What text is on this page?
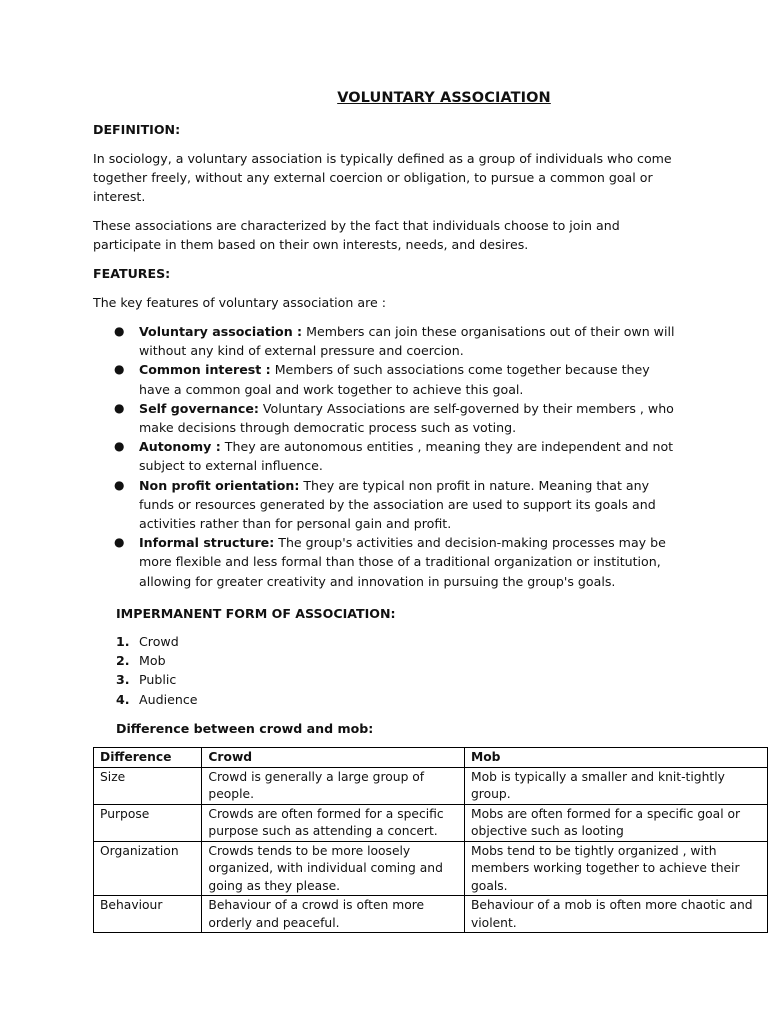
VOLUNTARY ASSOCIATION
DEFINITION:
In sociology, a voluntary association is typically defined as a group of individuals who come together freely, without any external coercion or obligation, to pursue a common goal or interest.
These associations are characterized by the fact that individuals choose to join and participate in them based on their own interests, needs, and desires.
FEATURES:
The key features of voluntary association are :
● Voluntary association : Members can join these organisations out of their own will without any kind of external pressure and coercion.
● Common interest : Members of such associations come together because they have a common goal and work together to achieve this goal.
● Self governance: Voluntary Associations are self-governed by their members , who make decisions through democratic process such as voting.
● Autonomy : They are autonomous entities , meaning they are independent and not subject to external influence.
● Non profit orientation: They are typical non profit in nature. Meaning that any funds or resources generated by the association are used to support its goals and activities rather than for personal gain and profit.
● Informal structure: The group's activities and decision-making processes may be more flexible and less formal than those of a traditional organization or institution, allowing for greater creativity and innovation in pursuing the group's goals.
IMPERMANENT FORM OF ASSOCIATION:
1. Crowd
2. Mob
3. Public
4. Audience
Difference between crowd and mob:
Difference	Crowd	Mob
Size	Crowd is generally a large group of people.	Mob is typically a smaller and knit-tightly group.

Purpose	Crowds are often formed for a specific purpose such as attending a concert.	Mobs are often formed for a specific goal or objective such as looting

Organization	Crowds tends to be more loosely organized, with individual coming and going as they please.	Mobs tend to be tightly organized , with members working together to achieve their goals.

Behaviour	Behaviour of a crowd is often more orderly and peaceful.	Behaviour of a mob is often more chaotic and violent.
